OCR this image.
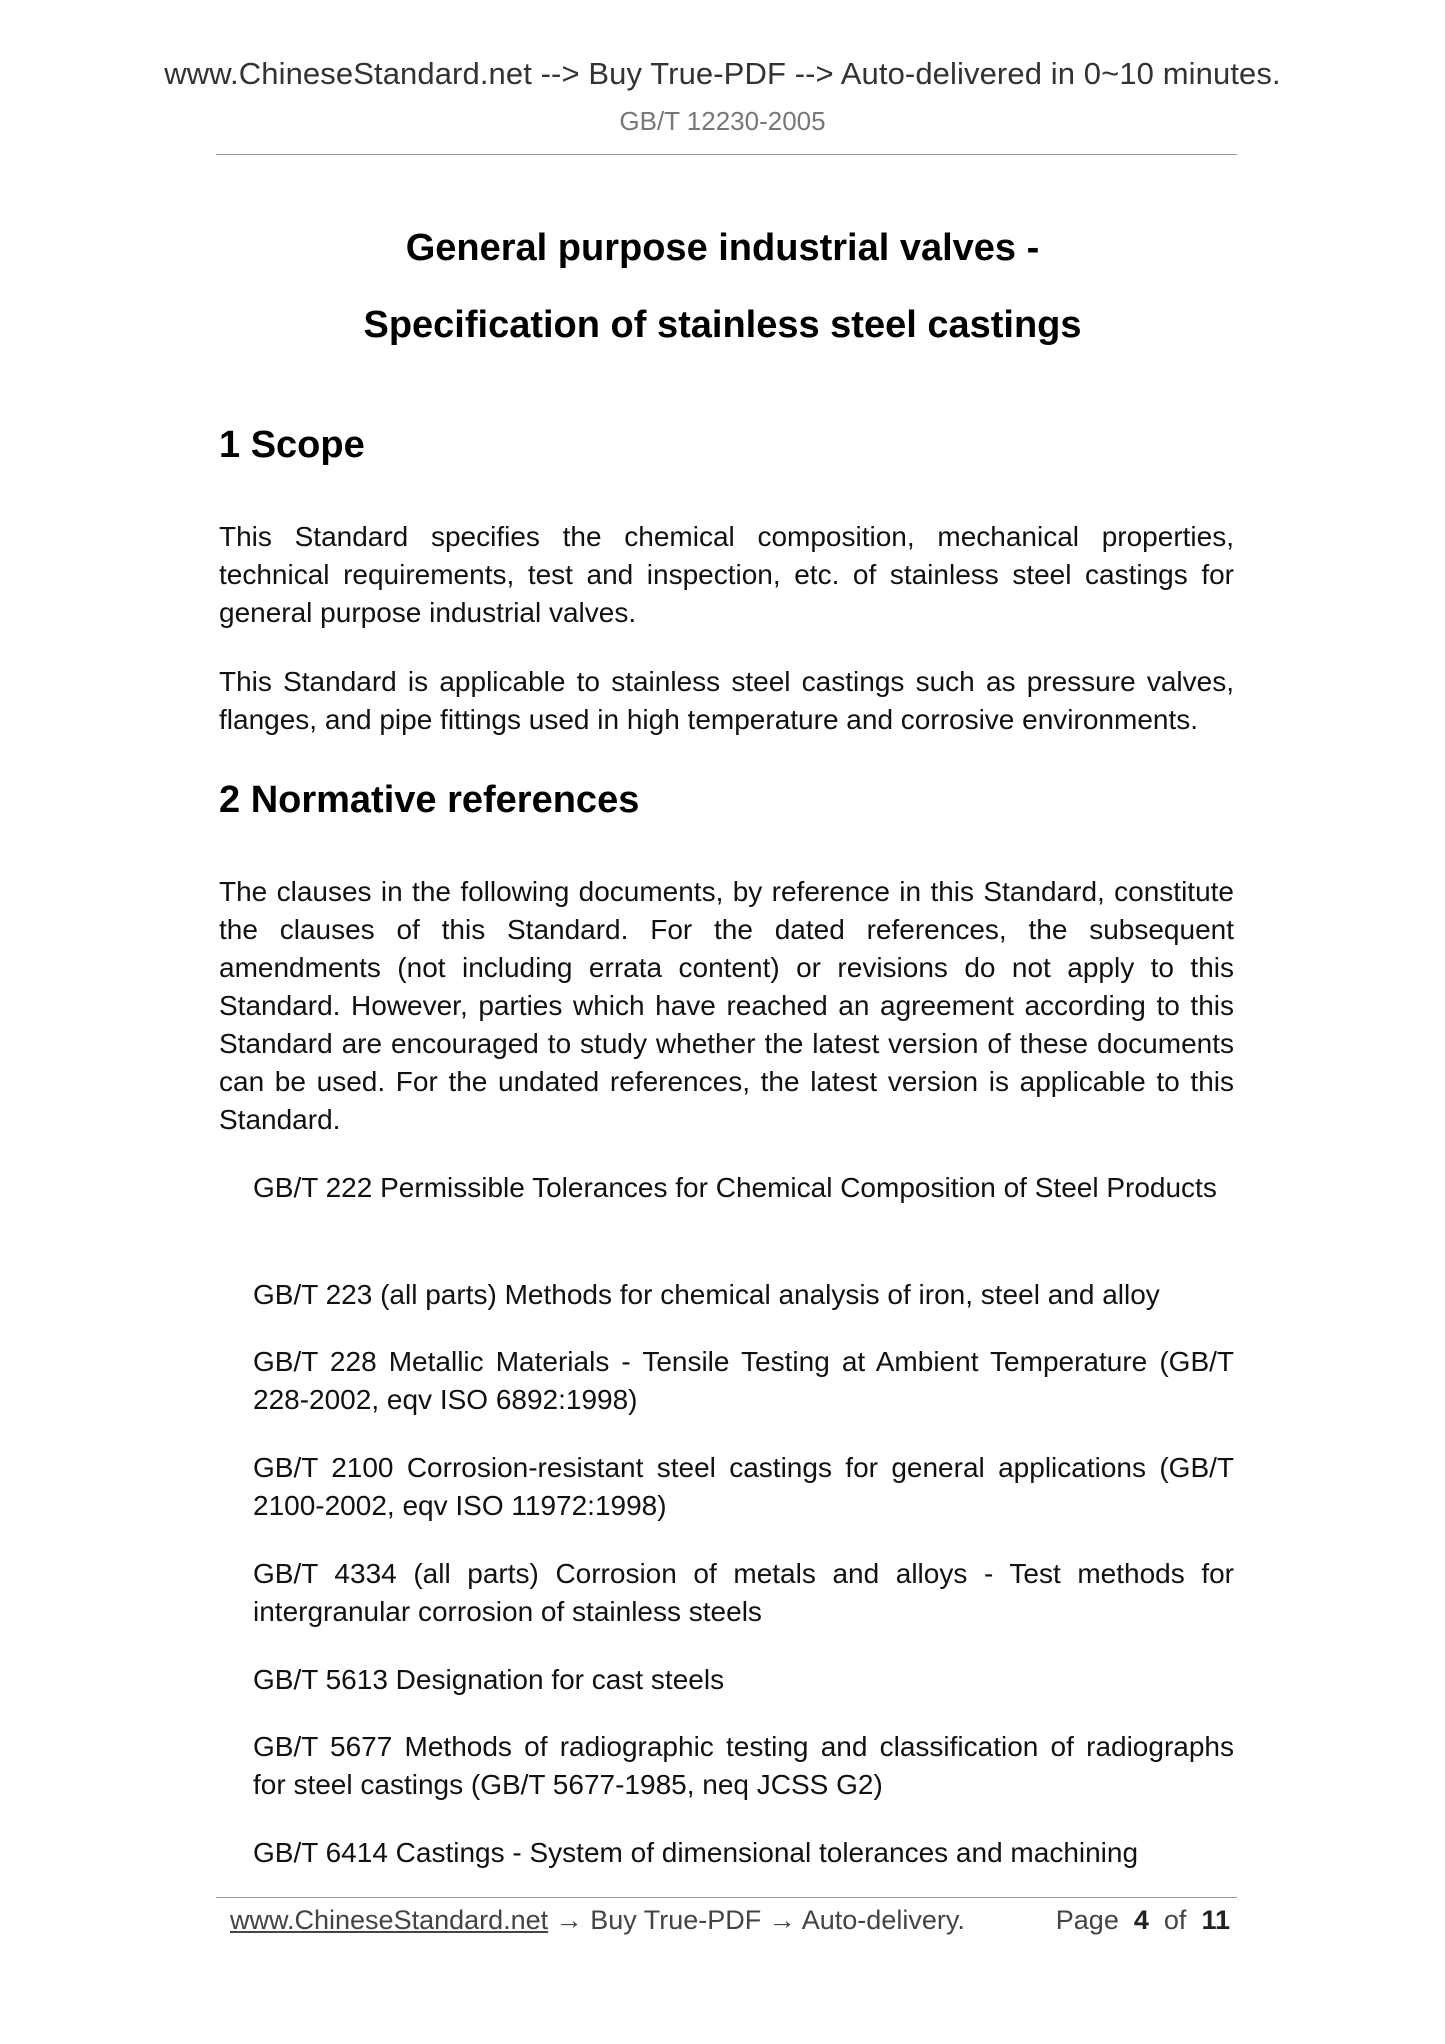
www.ChineseStandard.net --> Buy True-PDF --> Auto-delivered in 0~10 minutes.
GB/T 12230-2005
General purpose industrial valves -
Specification of stainless steel castings
1 Scope

This Standard specifies the chemical composition, mechanical properties, technical requirements, test and inspection, etc. of stainless steel castings for general purpose industrial valves.

This Standard is applicable to stainless steel castings such as pressure valves, flanges, and pipe fittings used in high temperature and corrosive environments.

2 Normative references

The clauses in the following documents, by reference in this Standard, constitute the clauses of this Standard. For the dated references, the subsequent amendments (not including errata content) or revisions do not apply to this Standard. However, parties which have reached an agreement according to this Standard are encouraged to study whether the latest version of these documents can be used. For the undated references, the latest version is applicable to this Standard.

GB/T 222 Permissible Tolerances for Chemical Composition of Steel Products

GB/T 223 (all parts) Methods for chemical analysis of iron, steel and alloy

GB/T 228 Metallic Materials - Tensile Testing at Ambient Temperature (GB/T 228-2002, eqv ISO 6892:1998)

GB/T 2100 Corrosion-resistant steel castings for general applications (GB/T 2100-2002, eqv ISO 11972:1998)

GB/T 4334 (all parts) Corrosion of metals and alloys - Test methods for intergranular corrosion of stainless steels

GB/T 5613 Designation for cast steels

GB/T 5677 Methods of radiographic testing and classification of radiographs for steel castings (GB/T 5677-1985, neq JCSS G2)

GB/T 6414 Castings - System of dimensional tolerances and machining

www.ChineseStandard.net → Buy True-PDF → Auto-delivery.	Page 4 of 11
